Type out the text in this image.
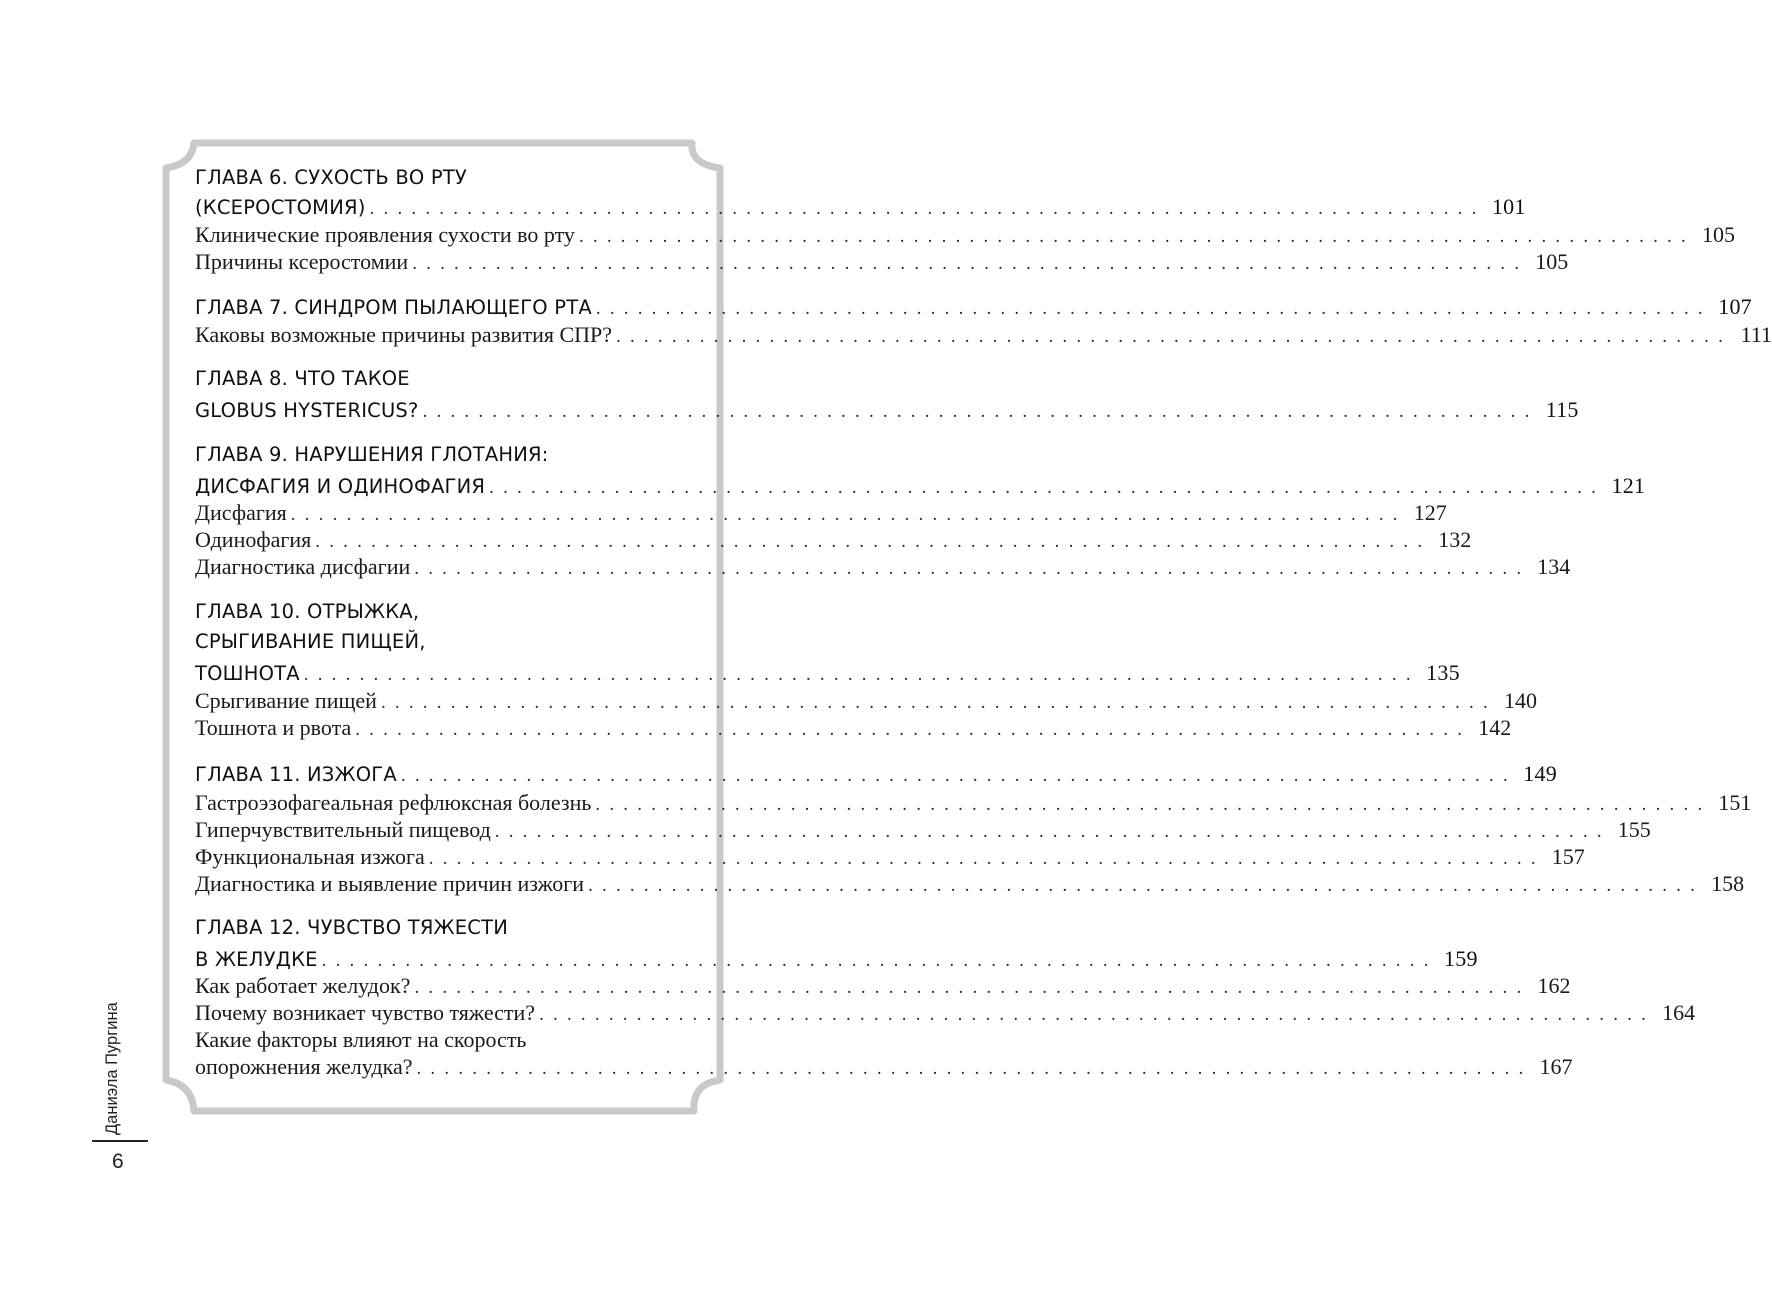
ГЛАВА 6. СУХОСТЬ ВО РТУ
(КСЕРОСТОМИЯ) ................................................................................ 101
Клинические проявления сухости во рту ................................................................................ 105
Причины ксеростомии ................................................................................ 105
ГЛАВА 7. СИНДРОМ ПЫЛАЮЩЕГО РТА ................................................................................ 107
Каковы возможные причины развития СПР? ................................................................................ 111
ГЛАВА 8. ЧТО ТАКОЕ
GLOBUS HYSTERICUS? ................................................................................ 115
ГЛАВА 9. НАРУШЕНИЯ ГЛОТАНИЯ:
ДИСФАГИЯ И ОДИНОФАГИЯ ................................................................................ 121
Дисфагия ................................................................................ 127
Одинофагия ................................................................................ 132
Диагностика дисфагии ................................................................................ 134
ГЛАВА 10. ОТРЫЖКА,
СРЫГИВАНИЕ ПИЩЕЙ,
ТОШНОТА ................................................................................ 135
Срыгивание пищей ................................................................................ 140
Тошнота и рвота ................................................................................ 142
ГЛАВА 11. ИЗЖОГА ................................................................................ 149
Гастроэзофагеальная рефлюксная болезнь ................................................................................ 151
Гиперчувствительный пищевод ................................................................................ 155
Функциональная изжога ................................................................................ 157
Диагностика и выявление причин изжоги ................................................................................ 158
ГЛАВА 12. ЧУВСТВО ТЯЖЕСТИ
В ЖЕЛУДКЕ ................................................................................ 159
Как работает желудок? ................................................................................ 162
Почему возникает чувство тяжести? ................................................................................ 164
Какие факторы влияют на скорость
опорожнения желудка? ................................................................................ 167
Даниэла Пургина
6
